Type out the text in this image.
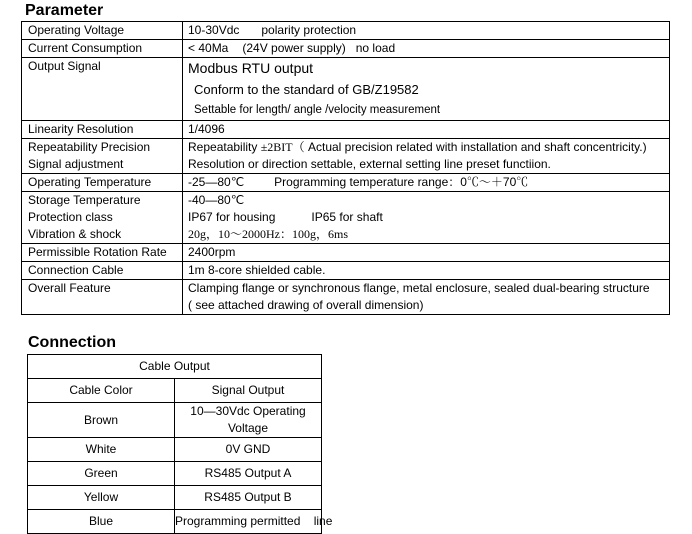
Parameter
Operating Voltage	10-30Vdc polarity protection
Current Consumption	< 40Ma (24V power supply) no load
Output Signal	Modbus RTU output
Conform to the standard of GB/Z19582
Settable for length/ angle /velocity measurement

Linearity Resolution	1/4096
Repeatability Precision	Repeatability ±2BIT（ Actual precision related with installation and shaft concentricity.)
Signal adjustment	Resolution or direction settable, external setting line preset functiion.
Operating Temperature	-25—80℃ Programming temperature range：0℃～＋70℃
Storage Temperature	-40—80℃
Protection class	IP67 for housing IP65 for shaft
Vibration & shock	20g，10～2000Hz：100g，6ms
Permissible Rotation Rate	2400rpm
Connection Cable	1m 8-core shielded cable.
Overall Feature	Clamping flange or synchronous flange, metal enclosure, sealed dual-bearing structure
( see attached drawing of overall dimension)
Connection
Cable Output	
Cable Color	Signal Output
Brown	10—30Vdc Operating Voltage
White	0V GND
Green	RS485 Output A
Yellow	RS485 Output B
Blue	Programming permitted    line
